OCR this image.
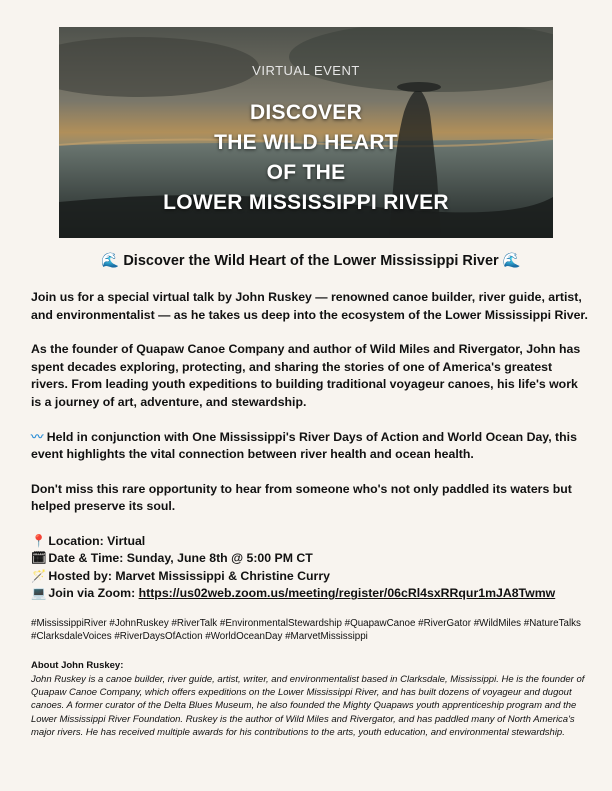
VIRTUAL EVENT
DISCOVER
THE WILD HEART
OF THE
LOWER MISSISSIPPI RIVER
🌊 Discover the Wild Heart of the Lower Mississippi River 🌊

Join us for a special virtual talk by John Ruskey — renowned canoe builder, river guide, artist, and environmentalist — as he takes us deep into the ecosystem of the Lower Mississippi River.

As the founder of Quapaw Canoe Company and author of Wild Miles and Rivergator, John has spent decades exploring, protecting, and sharing the stories of one of America's greatest rivers. From leading youth expeditions to building traditional voyageur canoes, his life's work is a journey of art, adventure, and stewardship.

〰 Held in conjunction with One Mississippi's River Days of Action and World Ocean Day, this event highlights the vital connection between river health and ocean health.

Don't miss this rare opportunity to hear from someone who's not only paddled its waters but helped preserve its soul.

📍 Location: Virtual
🗓 Date & Time: Sunday, June 8th @ 5:00 PM CT
🪄 Hosted by: Marvet Mississippi & Christine Curry
💻 Join via Zoom: https://us02web.zoom.us/meeting/register/06cRl4sxRRqur1mJA8Twmw

#MississippiRiver #JohnRuskey #RiverTalk #EnvironmentalStewardship #QuapawCanoe #RiverGator #WildMiles #NatureTalks #ClarksdaleVoices #RiverDaysOfAction #WorldOceanDay #MarvetMississippi

About John Ruskey:

John Ruskey is a canoe builder, river guide, artist, writer, and environmentalist based in Clarksdale, Mississippi. He is the founder of Quapaw Canoe Company, which offers expeditions on the Lower Mississippi River, and has built dozens of voyageur and dugout canoes. A former curator of the Delta Blues Museum, he also founded the Mighty Quapaws youth apprenticeship program and the Lower Mississippi River Foundation. Ruskey is the author of Wild Miles and Rivergator, and has paddled many of North America's major rivers. He has received multiple awards for his contributions to the arts, youth education, and environmental stewardship.
